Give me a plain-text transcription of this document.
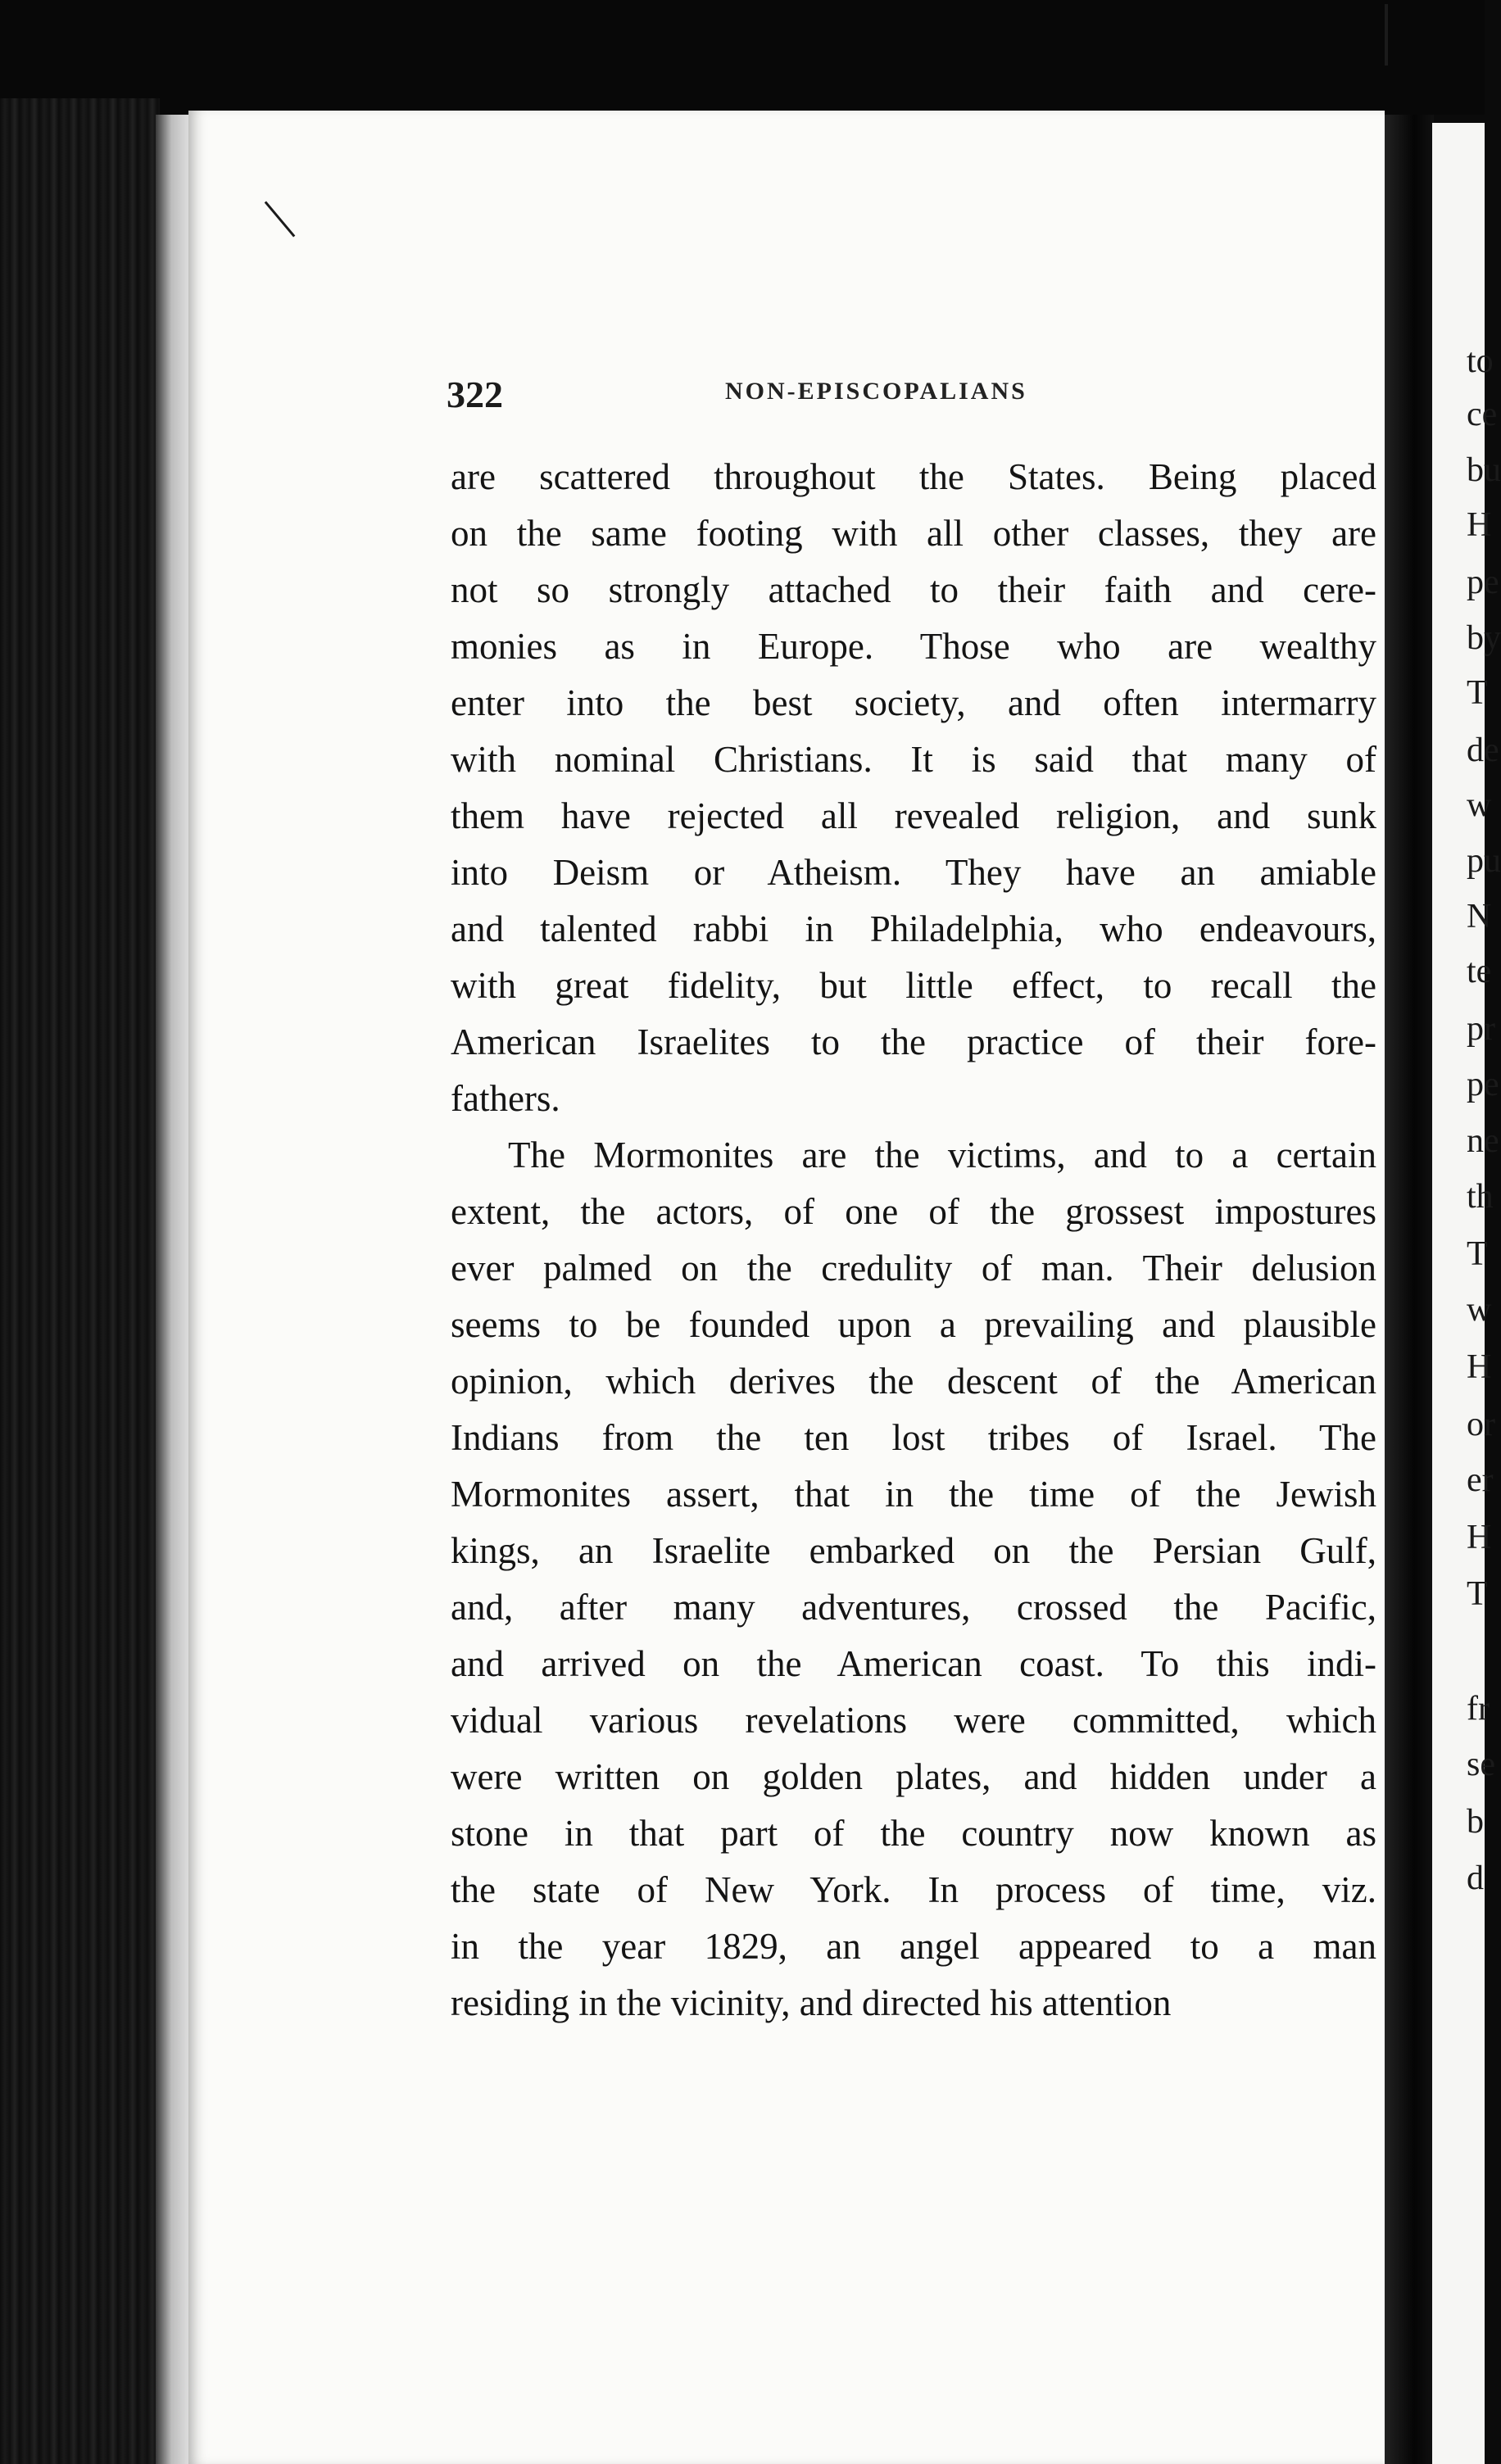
322	NON-EPISCOPALIANS
are scattered throughout the States. Being placed
on the same footing with all other classes, they are
not so strongly attached to their faith and cere-
monies as in Europe. Those who are wealthy
enter into the best society, and often intermarry
with nominal Christians. It is said that many of
them have rejected all revealed religion, and sunk
into Deism or Atheism. They have an amiable
and talented rabbi in Philadelphia, who endeavours,
with great fidelity, but little effect, to recall the
American Israelites to the practice of their fore-
fathers.
The Mormonites are the victims, and to a certain
extent, the actors, of one of the grossest impostures
ever palmed on the credulity of man. Their delusion
seems to be founded upon a prevailing and plausible
opinion, which derives the descent of the American
Indians from the ten lost tribes of Israel. The
Mormonites assert, that in the time of the Jewish
kings, an Israelite embarked on the Persian Gulf,
and, after many adventures, crossed the Pacific,
and arrived on the American coast. To this indi-
vidual various revelations were committed, which
were written on golden plates, and hidden under a
stone in that part of the country now known as
the state of New York. In process of time, viz.
in the year 1829, an angel appeared to a man
residing in the vicinity, and directed his attention
to
ce
bu
H
pe
by
T
de
w
pu
N
te
pr
pe
ne
th
T
w
H
or
er
H
T
fr
se
b
d
